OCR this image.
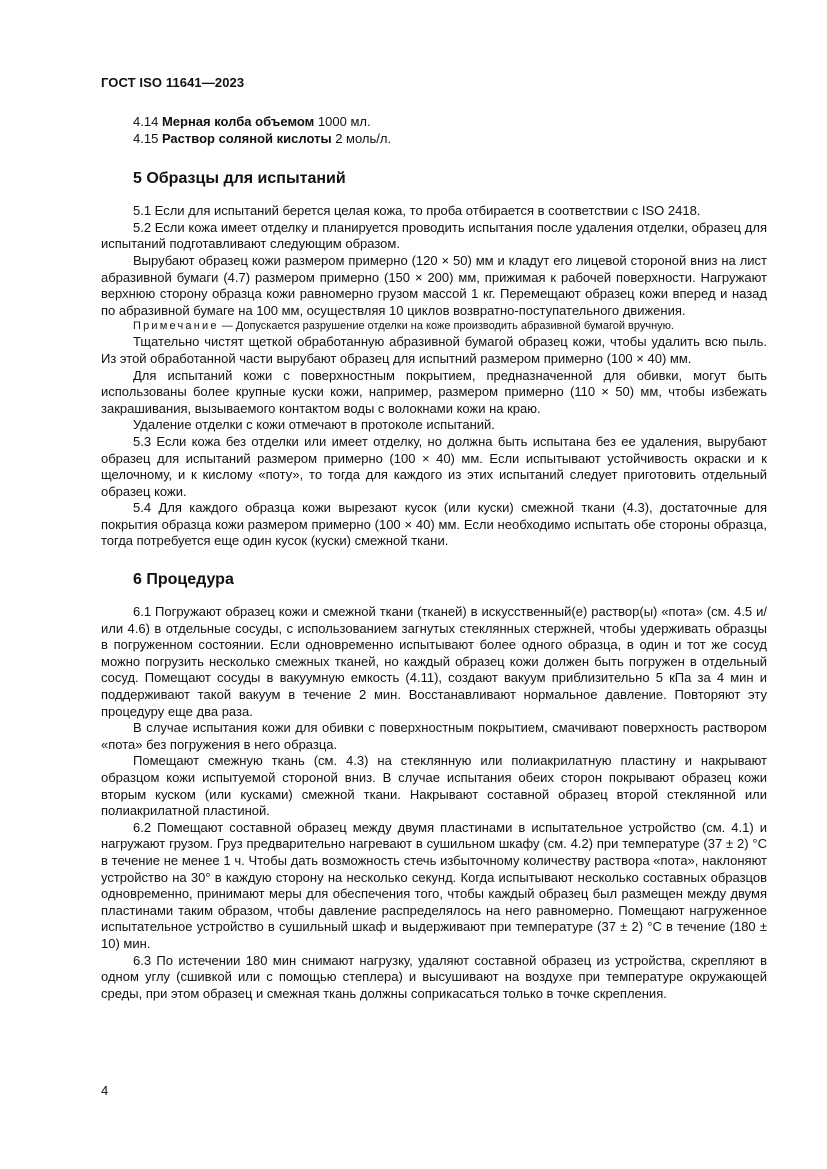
ГОСТ ISO 11641—2023
4.14 Мерная колба объемом 1000 мл.
4.15 Раствор соляной кислоты 2 моль/л.
5 Образцы для испытаний

5.1 Если для испытаний берется целая кожа, то проба отбирается в соответствии с ISO 2418.

5.2 Если кожа имеет отделку и планируется проводить испытания после удаления отделки, образец для испытаний подготавливают следующим образом.

Вырубают образец кожи размером примерно (120 × 50) мм и кладут его лицевой стороной вниз на лист абразивной бумаги (4.7) размером примерно (150 × 200) мм, прижимая к рабочей поверхности. Нагружают верхнюю сторону образца кожи равномерно грузом массой 1 кг. Перемещают образец кожи вперед и назад по абразивной бумаге на 100 мм, осуществляя 10 циклов возвратно-поступательного движения.

Примечание — Допускается разрушение отделки на коже производить абразивной бумагой вручную.

Тщательно чистят щеткой обработанную абразивной бумагой образец кожи, чтобы удалить всю пыль. Из этой обработанной части вырубают образец для испытний размером примерно (100 × 40) мм.

Для испытаний кожи с поверхностным покрытием, предназначенной для обивки, могут быть использованы более крупные куски кожи, например, размером примерно (110 × 50) мм, чтобы избежать закрашивания, вызываемого контактом воды с волокнами кожи на краю.

Удаление отделки с кожи отмечают в протоколе испытаний.

5.3 Если кожа без отделки или имеет отделку, но должна быть испытана без ее удаления, вырубают образец для испытаний размером примерно (100 × 40) мм. Если испытывают устойчивость окраски и к щелочному, и к кислому «поту», то тогда для каждого из этих испытаний следует приготовить отдельный образец кожи.

5.4 Для каждого образца кожи вырезают кусок (или куски) смежной ткани (4.3), достаточные для покрытия образца кожи размером примерно (100 × 40) мм. Если необходимо испытать обе стороны образца, тогда потребуется еще один кусок (куски) смежной ткани.

6 Процедура

6.1 Погружают образец кожи и смежной ткани (тканей) в искусственный(е) раствор(ы) «пота» (см. 4.5 и/или 4.6) в отдельные сосуды, с использованием загнутых стеклянных стержней, чтобы удерживать образцы в погруженном состоянии. Если одновременно испытывают более одного образца, в один и тот же сосуд можно погрузить несколько смежных тканей, но каждый образец кожи должен быть погружен в отдельный сосуд. Помещают сосуды в вакуумную емкость (4.11), создают вакуум приблизительно 5 кПа за 4 мин и поддерживают такой вакуум в течение 2 мин. Восстанавливают нормальное давление. Повторяют эту процедуру еще два раза.

В случае испытания кожи для обивки с поверхностным покрытием, смачивают поверхность раствором «пота» без погружения в него образца.

Помещают смежную ткань (см. 4.3) на стеклянную или полиакрилатную пластину и накрывают образцом кожи испытуемой стороной вниз. В случае испытания обеих сторон покрывают образец кожи вторым куском (или кусками) смежной ткани. Накрывают составной образец второй стеклянной или полиакрилатной пластиной.

6.2 Помещают составной образец между двумя пластинами в испытательное устройство (см. 4.1) и нагружают грузом. Груз предварительно нагревают в сушильном шкафу (см. 4.2) при температуре (37 ± 2) °С в течение не менее 1 ч. Чтобы дать возможность стечь избыточному количеству раствора «пота», наклоняют устройство на 30° в каждую сторону на несколько секунд. Когда испытывают несколько составных образцов одновременно, принимают меры для обеспечения того, чтобы каждый образец был размещен между двумя пластинами таким образом, чтобы давление распределялось на него равномерно. Помещают нагруженное испытательное устройство в сушильный шкаф и выдерживают при температуре (37 ± 2) °С в течение (180 ± 10) мин.

6.3 По истечении 180 мин снимают нагрузку, удаляют составной образец из устройства, скрепляют в одном углу (сшивкой или с помощью степлера) и высушивают на воздухе при температуре окружающей среды, при этом образец и смежная ткань должны соприкасаться только в точке скрепления.

4
